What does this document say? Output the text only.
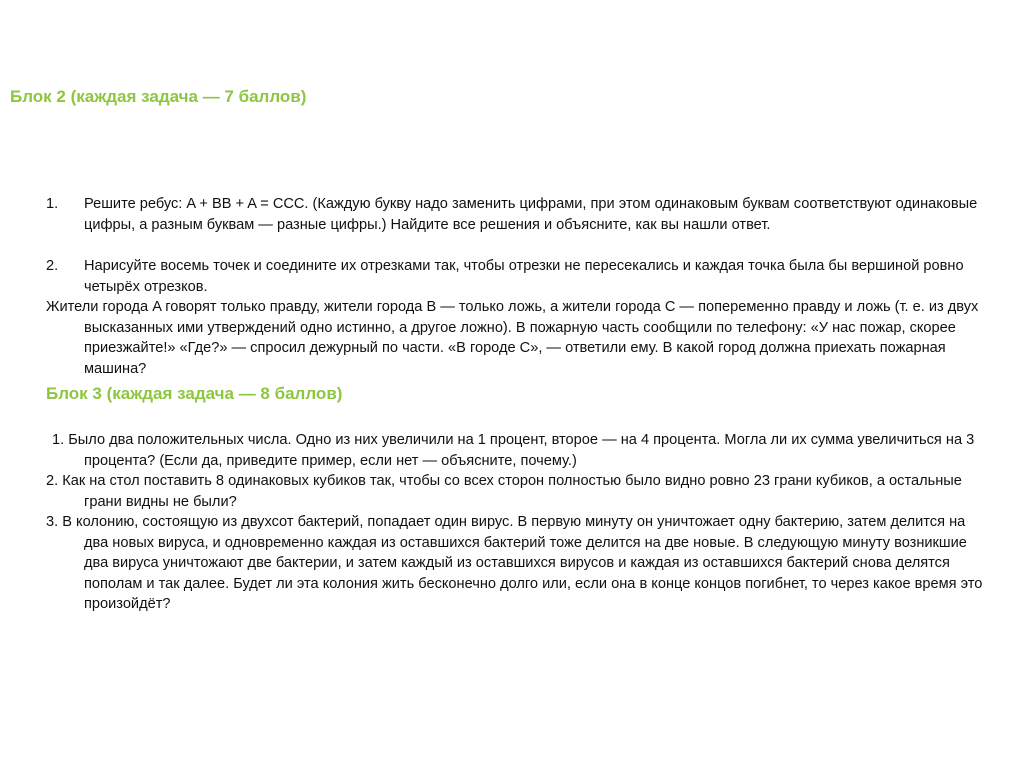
Блок 2 (каждая задача — 7 баллов)
1. Решите ребус: A + BB + A = CCC. (Каждую букву надо заменить цифрами, при этом одинаковым буквам соответствуют одинаковые цифры, а разным буквам — разные цифры.) Найдите все решения и объясните, как вы нашли ответ.
2. Нарисуйте восемь точек и соедините их отрезками так, чтобы отрезки не пересекались и каждая точка была бы вершиной ровно четырёх отрезков.

Жители города A говорят только правду, жители города B — только ложь, а жители города C — попеременно правду и ложь (т. е. из двух высказанных ими утверждений одно истинно, а другое ложно). В пожарную часть сообщили по телефону: «У нас пожар, скорее приезжайте!» «Где?» — спросил дежурный по части. «В городе C», — ответили ему. В какой город должна приехать пожарная машина?

Блок 3 (каждая задача — 8 баллов)

1. Было два положительных числа. Одно из них увеличили на 1 процент, второе — на 4 процента. Могла ли их сумма увеличиться на 3 процента? (Если да, приведите пример, если нет — объясните, почему.)

2. Как на стол поставить 8 одинаковых кубиков так, чтобы со всех сторон полностью было видно ровно 23 грани кубиков, а остальные грани видны не были?

3. В колонию, состоящую из двухсот бактерий, попадает один вирус. В первую минуту он уничтожает одну бактерию, затем делится на два новых вируса, и одновременно каждая из оставшихся бактерий тоже делится на две новые. В следующую минуту возникшие два вируса уничтожают две бактерии, и затем каждый из оставшихся вирусов и каждая из оставшихся бактерий снова делятся пополам и так далее. Будет ли эта колония жить бесконечно долго или, если она в конце концов погибнет, то через какое время это произойдёт?
